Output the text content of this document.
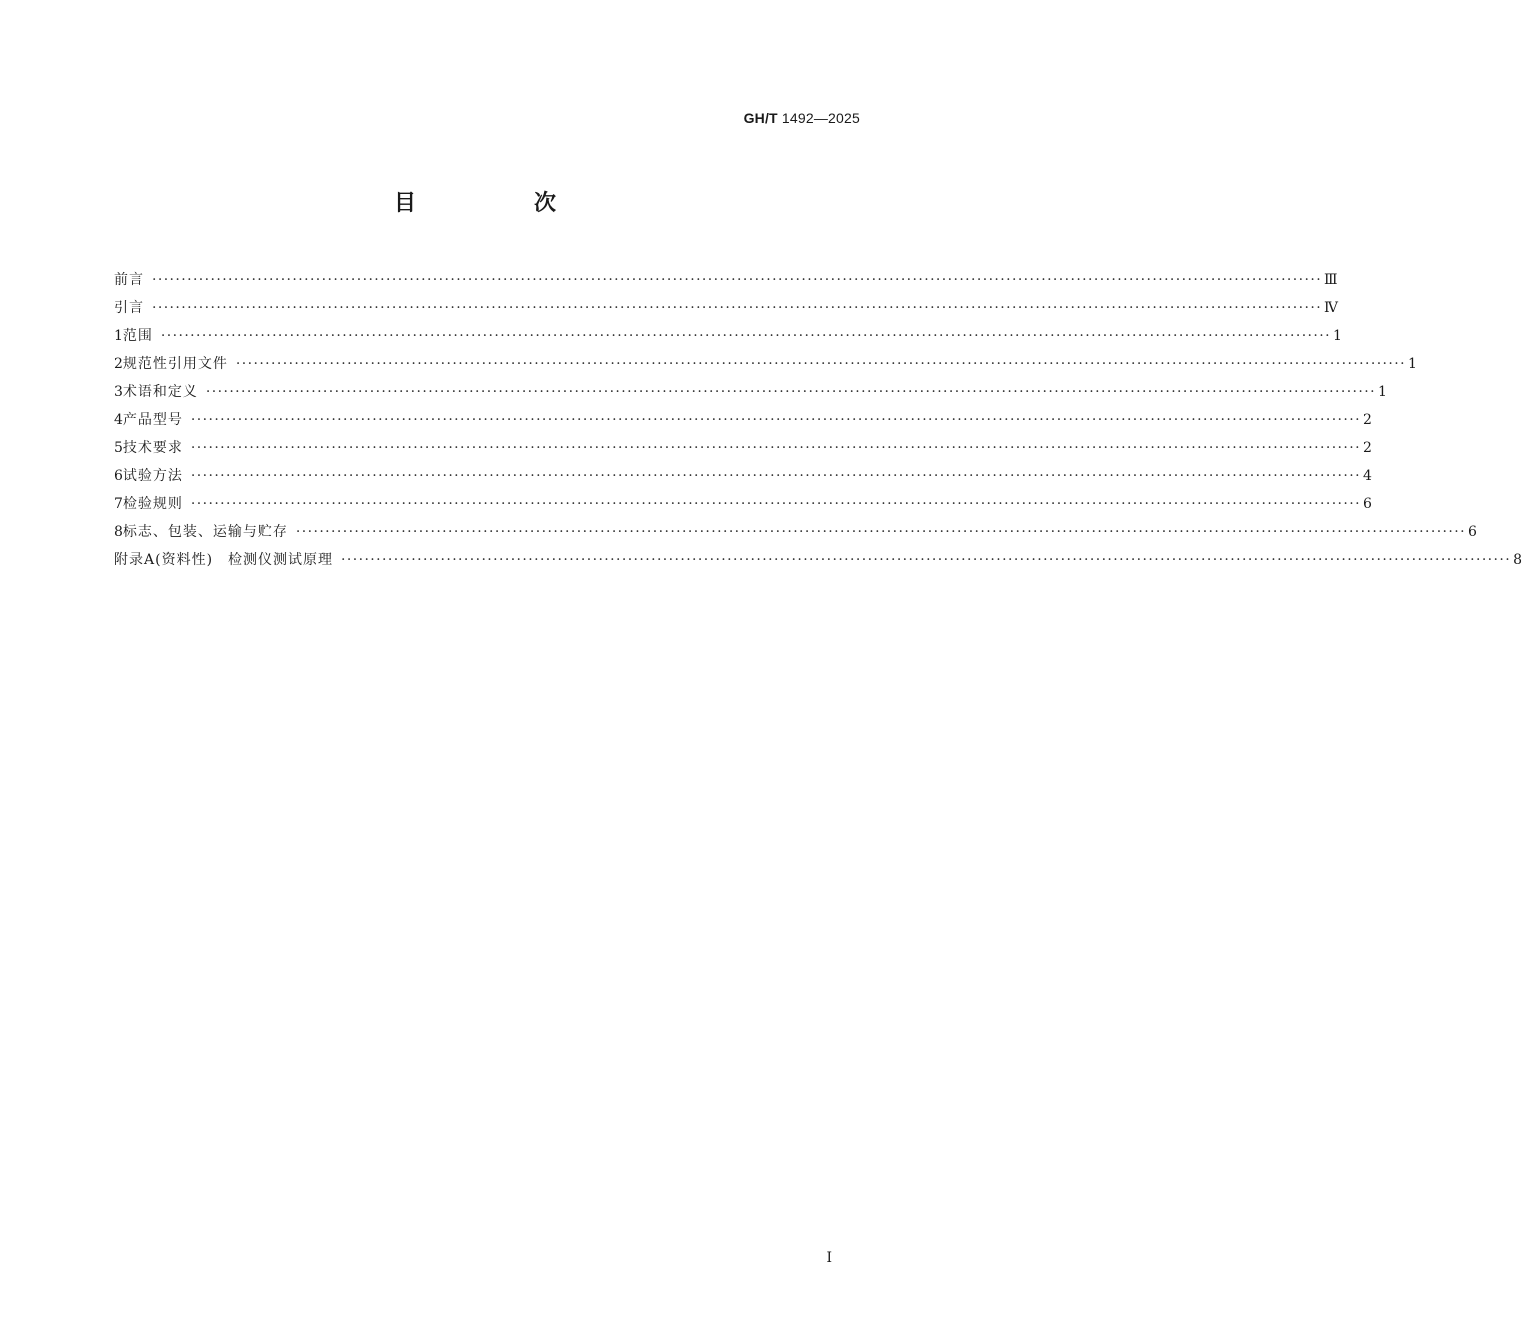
GH/T 1492—2025
目　次
前言 ········································································································································································································ Ⅲ
引言 ········································································································································································································ Ⅳ
1 范围 ········································································································································································································ 1
2 规范性引用文件 ········································································································································································································ 1
3 术语和定义 ········································································································································································································ 1
4 产品型号 ········································································································································································································ 2
5 技术要求 ········································································································································································································ 2
6 试验方法 ········································································································································································································ 4
7 检验规则 ········································································································································································································ 6
8 标志、包装、运输与贮存 ········································································································································································································ 6
附录A(资料性)　检测仪测试原理 ········································································································································································································ 8
Ⅰ
